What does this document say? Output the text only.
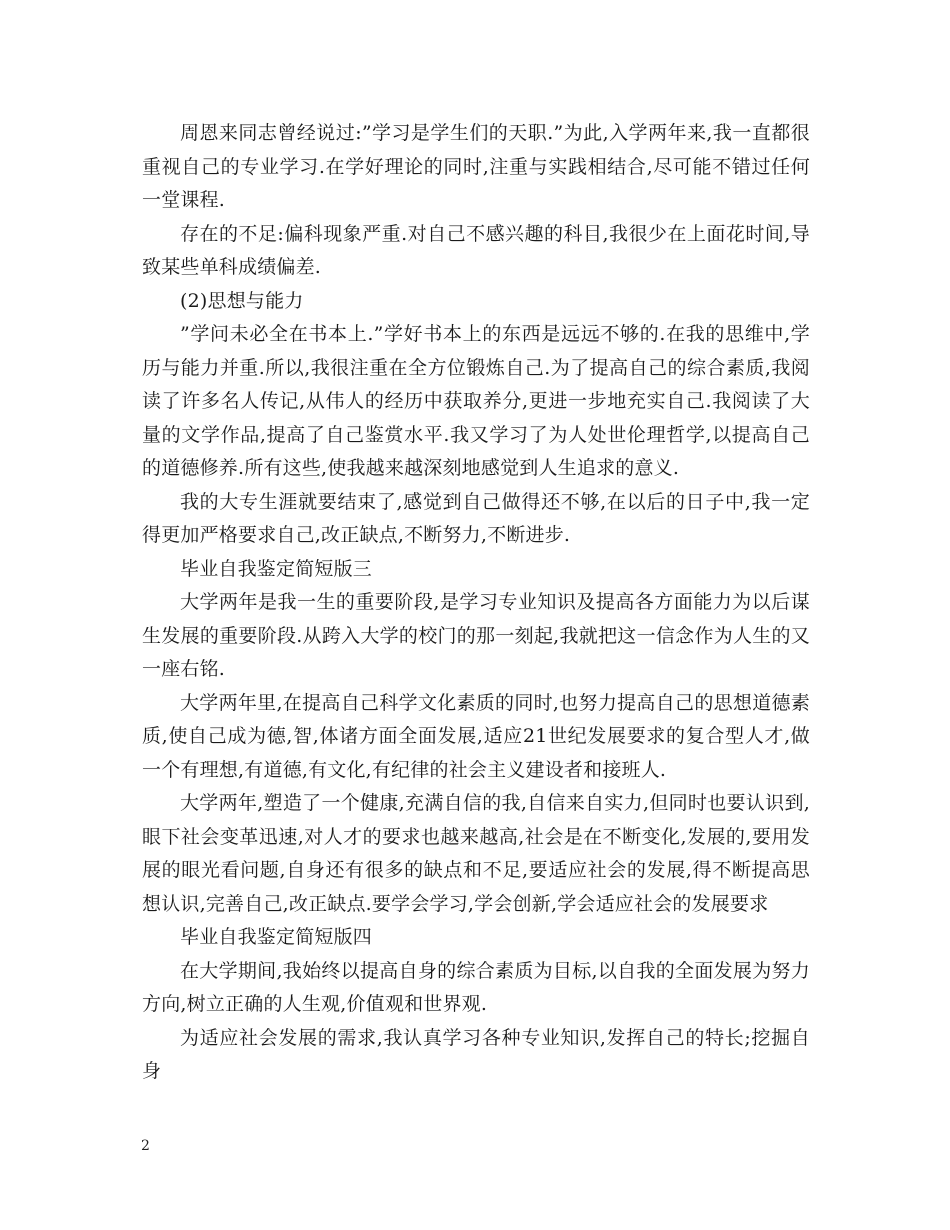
周恩来同志曾经说过:”学习是学生们的天职.”为此,入学两年来,我一直都很重视自己的专业学习.在学好理论的同时,注重与实践相结合,尽可能不错过任何一堂课程.

存在的不足:偏科现象严重.对自己不感兴趣的科目,我很少在上面花时间,导致某些单科成绩偏差.

(2)思想与能力

”学问未必全在书本上.”学好书本上的东西是远远不够的.在我的思维中,学历与能力并重.所以,我很注重在全方位锻炼自己.为了提高自己的综合素质,我阅读了许多名人传记,从伟人的经历中获取养分,更进一步地充实自己.我阅读了大量的文学作品,提高了自己鉴赏水平.我又学习了为人处世伦理哲学,以提高自己的道德修养.所有这些,使我越来越深刻地感觉到人生追求的意义.

我的大专生涯就要结束了,感觉到自己做得还不够,在以后的日子中,我一定得更加严格要求自己,改正缺点,不断努力,不断进步.

毕业自我鉴定简短版三

大学两年是我一生的重要阶段,是学习专业知识及提高各方面能力为以后谋生发展的重要阶段.从跨入大学的校门的那一刻起,我就把这一信念作为人生的又一座右铭.

大学两年里,在提高自己科学文化素质的同时,也努力提高自己的思想道德素质,使自己成为德,智,体诸方面全面发展,适应21世纪发展要求的复合型人才,做一个有理想,有道德,有文化,有纪律的社会主义建设者和接班人.

大学两年,塑造了一个健康,充满自信的我,自信来自实力,但同时也要认识到,眼下社会变革迅速,对人才的要求也越来越高,社会是在不断变化,发展的,要用发展的眼光看问题,自身还有很多的缺点和不足,要适应社会的发展,得不断提高思想认识,完善自己,改正缺点.要学会学习,学会创新,学会适应社会的发展要求

毕业自我鉴定简短版四

在大学期间,我始终以提高自身的综合素质为目标,以自我的全面发展为努力方向,树立正确的人生观,价值观和世界观.

为适应社会发展的需求,我认真学习各种专业知识,发挥自己的特长;挖掘自身

2
